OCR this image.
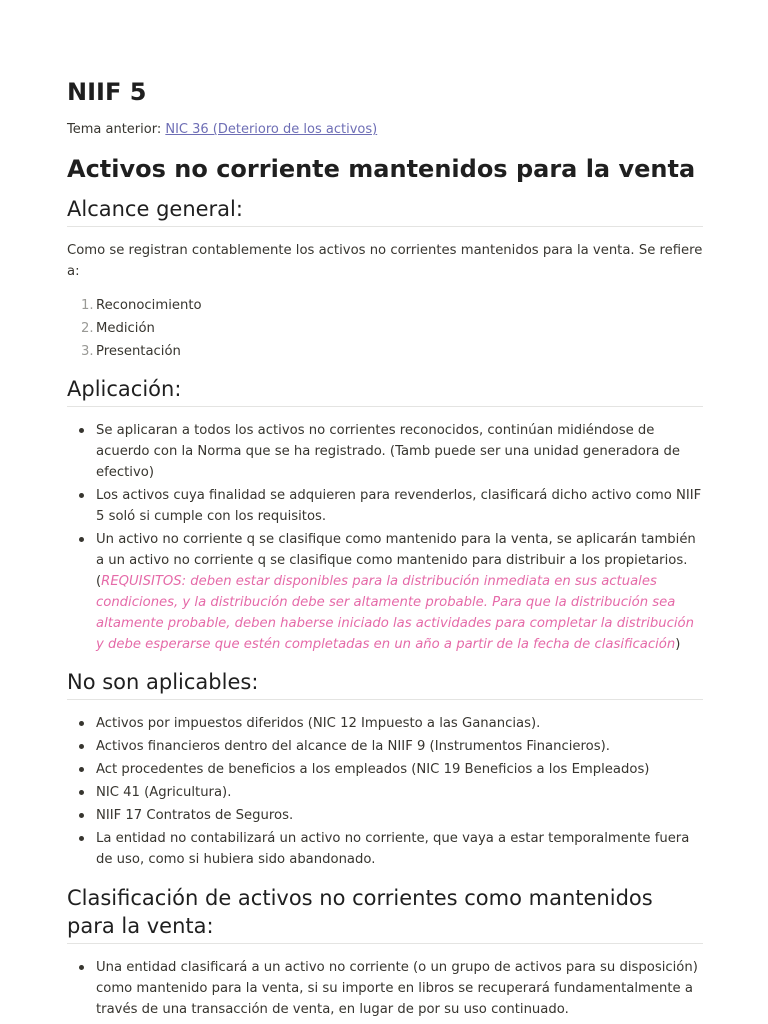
NIIF 5

Tema anterior: NIC 36 (Deterioro de los activos)

Activos no corriente mantenidos para la venta
Alcance general:

Como se registran contablemente los activos no corrientes mantenidos para la venta. Se refiere a:

1. Reconocimiento
2. Medición
3. Presentación
Aplicación:
Se aplicaran a todos los activos no corrientes reconocidos, continúan midiéndose de acuerdo con la Norma que se ha registrado. (Tamb puede ser una unidad generadora de efectivo)
Los activos cuya finalidad se adquieren para revenderlos, clasificará dicho activo como NIIF 5 soló si cumple con los requisitos.
Un activo no corriente q se clasifique como mantenido para la venta, se aplicarán también a un activo no corriente q se clasifique como mantenido para distribuir a los propietarios. (REQUISITOS: deben estar disponibles para la distribución inmediata en sus actuales condiciones, y la distribución debe ser altamente probable. Para que la distribución sea altamente probable, deben haberse iniciado las actividades para completar la distribución y debe esperarse que estén completadas en un año a partir de la fecha de clasificación)
No son aplicables:
Activos por impuestos diferidos (NIC 12 Impuesto a las Ganancias).
Activos financieros dentro del alcance de la NIIF 9 (Instrumentos Financieros).
Act procedentes de beneficios a los empleados (NIC 19 Beneficios a los Empleados)
NIC 41 (Agricultura).
NIIF 17 Contratos de Seguros.
La entidad no contabilizará un activo no corriente, que vaya a estar temporalmente fuera de uso, como si hubiera sido abandonado.
Clasificación de activos no corrientes como mantenidos para la venta:
Una entidad clasificará a un activo no corriente (o un grupo de activos para su disposición) como mantenido para la venta, si su importe en libros se recuperará fundamentalmente a través de una transacción de venta, en lugar de por su uso continuado.
